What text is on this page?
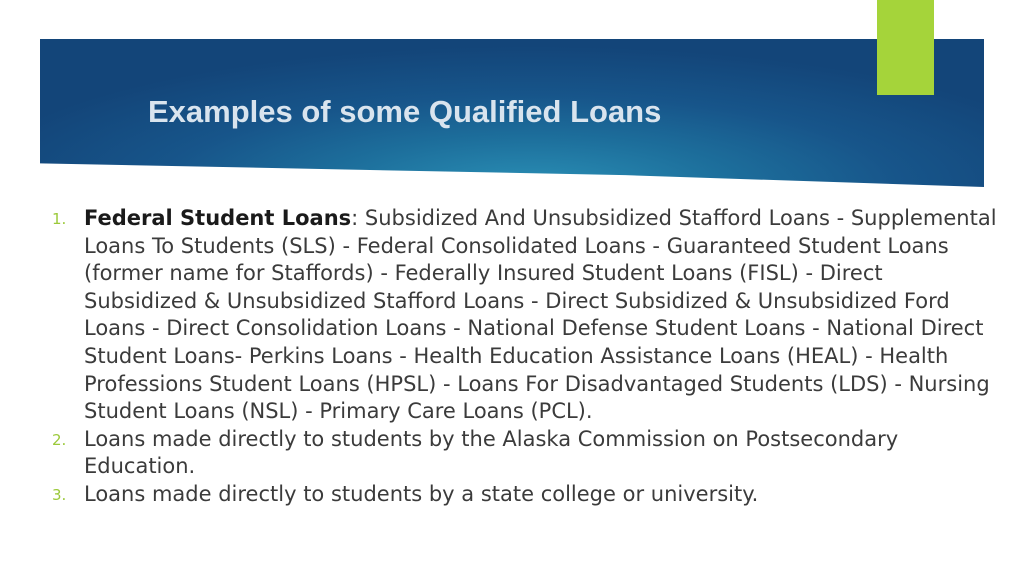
Examples of some Qualified Loans
1. Federal Student Loans: Subsidized And Unsubsidized Stafford Loans - Supplemental Loans To Students (SLS) - Federal Consolidated Loans - Guaranteed Student Loans (former name for Staffords) - Federally Insured Student Loans (FISL) - Direct Subsidized & Unsubsidized Stafford Loans - Direct Subsidized & Unsubsidized Ford Loans - Direct Consolidation Loans - National Defense Student Loans - National Direct Student Loans- Perkins Loans - Health Education Assistance Loans (HEAL) - Health Professions Student Loans (HPSL) - Loans For Disadvantaged Students (LDS) - Nursing Student Loans (NSL) - Primary Care Loans (PCL).
2. Loans made directly to students by the Alaska Commission on Postsecondary Education.
3. Loans made directly to students by a state college or university.
